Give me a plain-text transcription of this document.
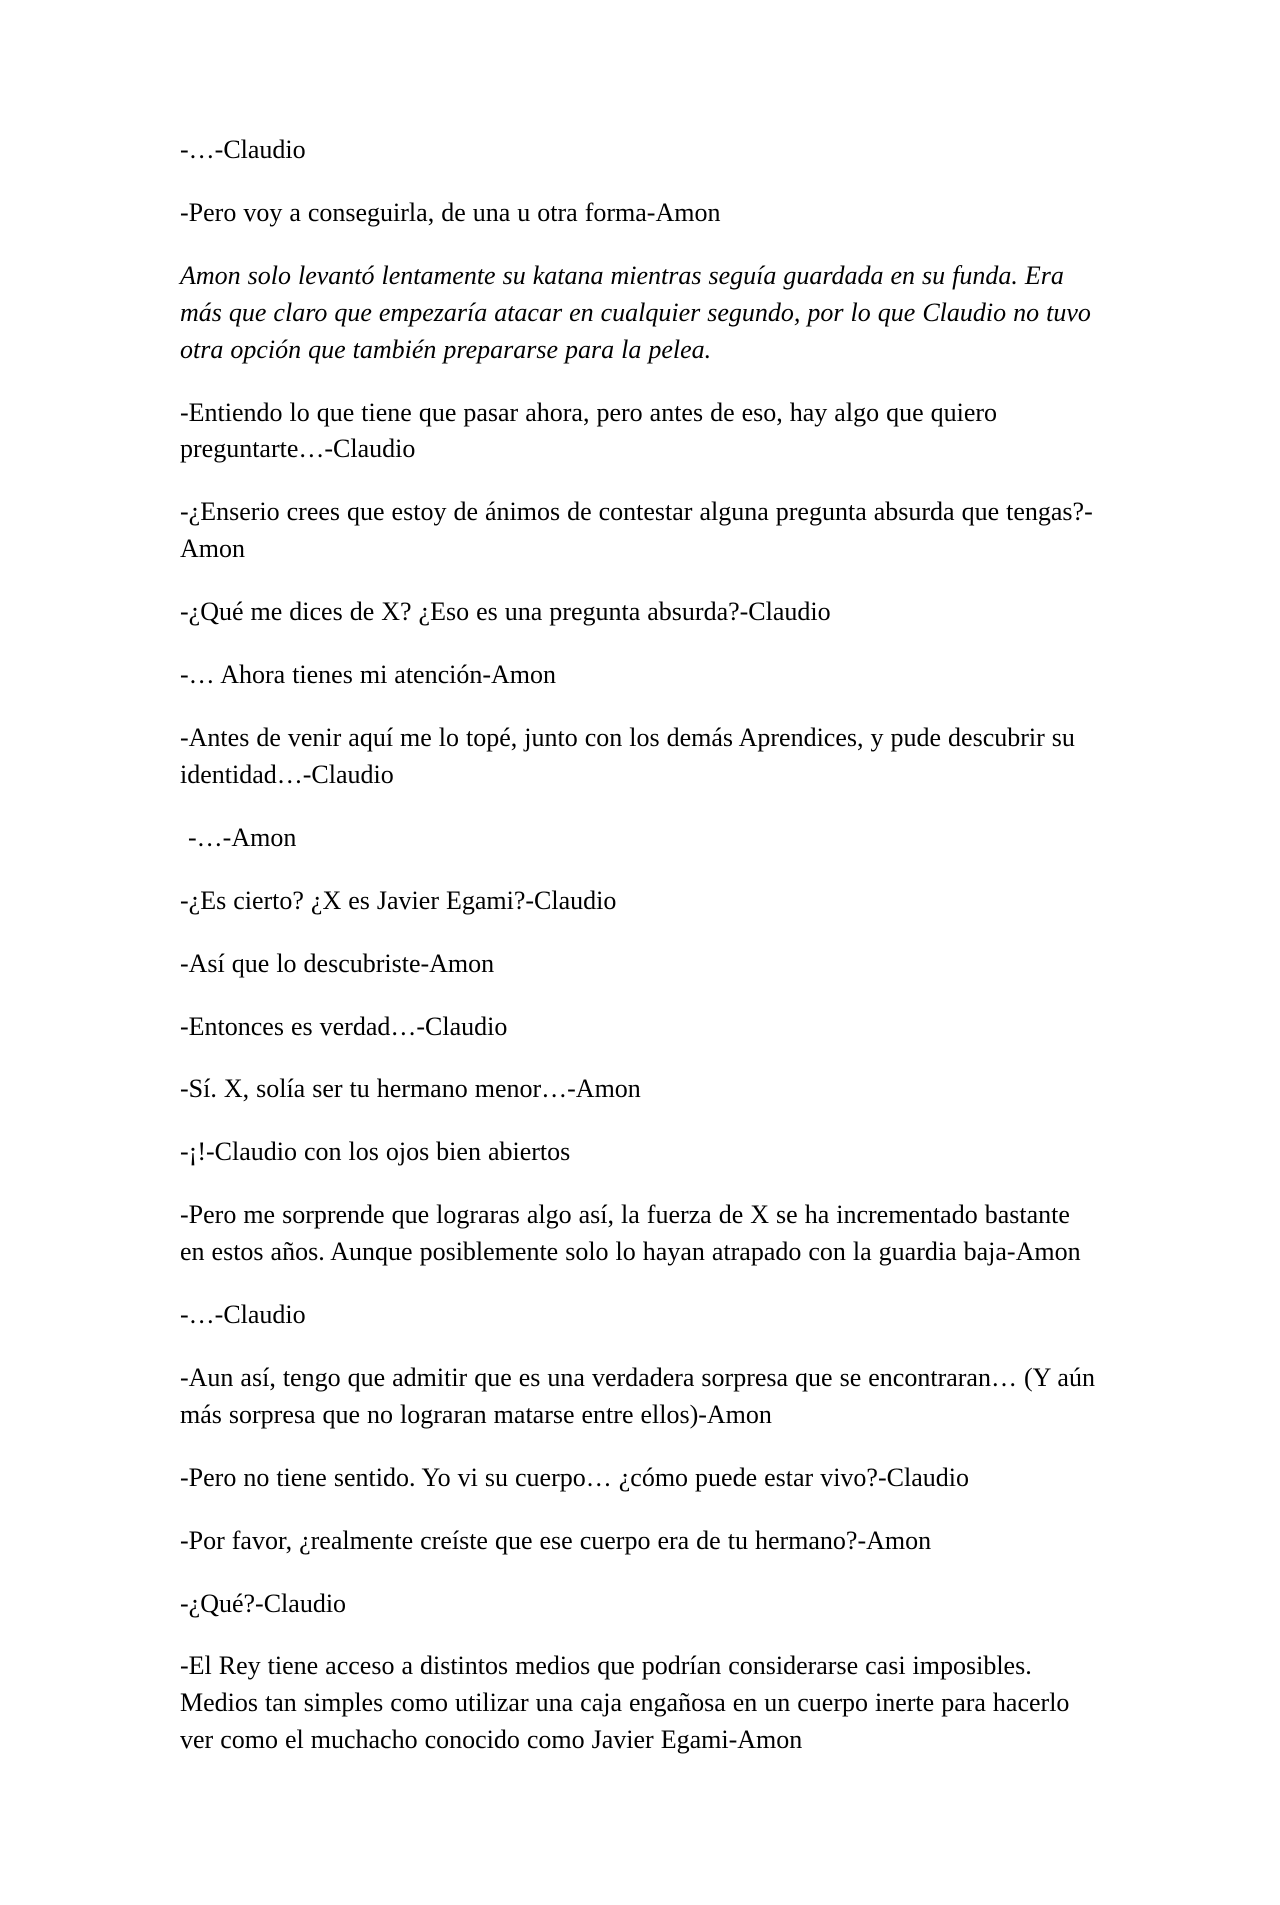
-…-Claudio

-Pero voy a conseguirla, de una u otra forma-Amon

Amon solo levantó lentamente su katana mientras seguía guardada en su funda. Era más que claro que empezaría atacar en cualquier segundo, por lo que Claudio no tuvo otra opción que también prepararse para la pelea.

-Entiendo lo que tiene que pasar ahora, pero antes de eso, hay algo que quiero preguntarte…-Claudio

-¿Enserio crees que estoy de ánimos de contestar alguna pregunta absurda que tengas?-Amon

-¿Qué me dices de X? ¿Eso es una pregunta absurda?-Claudio

-… Ahora tienes mi atención-Amon

-Antes de venir aquí me lo topé, junto con los demás Aprendices, y pude descubrir su identidad…-Claudio

-…-Amon

-¿Es cierto? ¿X es Javier Egami?-Claudio

-Así que lo descubriste-Amon

-Entonces es verdad…-Claudio

-Sí. X, solía ser tu hermano menor…-Amon

-¡!-Claudio con los ojos bien abiertos

-Pero me sorprende que lograras algo así, la fuerza de X se ha incrementado bastante en estos años. Aunque posiblemente solo lo hayan atrapado con la guardia baja-Amon

-…-Claudio

-Aun así, tengo que admitir que es una verdadera sorpresa que se encontraran… (Y aún más sorpresa que no lograran matarse entre ellos)-Amon

-Pero no tiene sentido. Yo vi su cuerpo… ¿cómo puede estar vivo?-Claudio

-Por favor, ¿realmente creíste que ese cuerpo era de tu hermano?-Amon

-¿Qué?-Claudio

-El Rey tiene acceso a distintos medios que podrían considerarse casi imposibles. Medios tan simples como utilizar una caja engañosa en un cuerpo inerte para hacerlo ver como el muchacho conocido como Javier Egami-Amon
